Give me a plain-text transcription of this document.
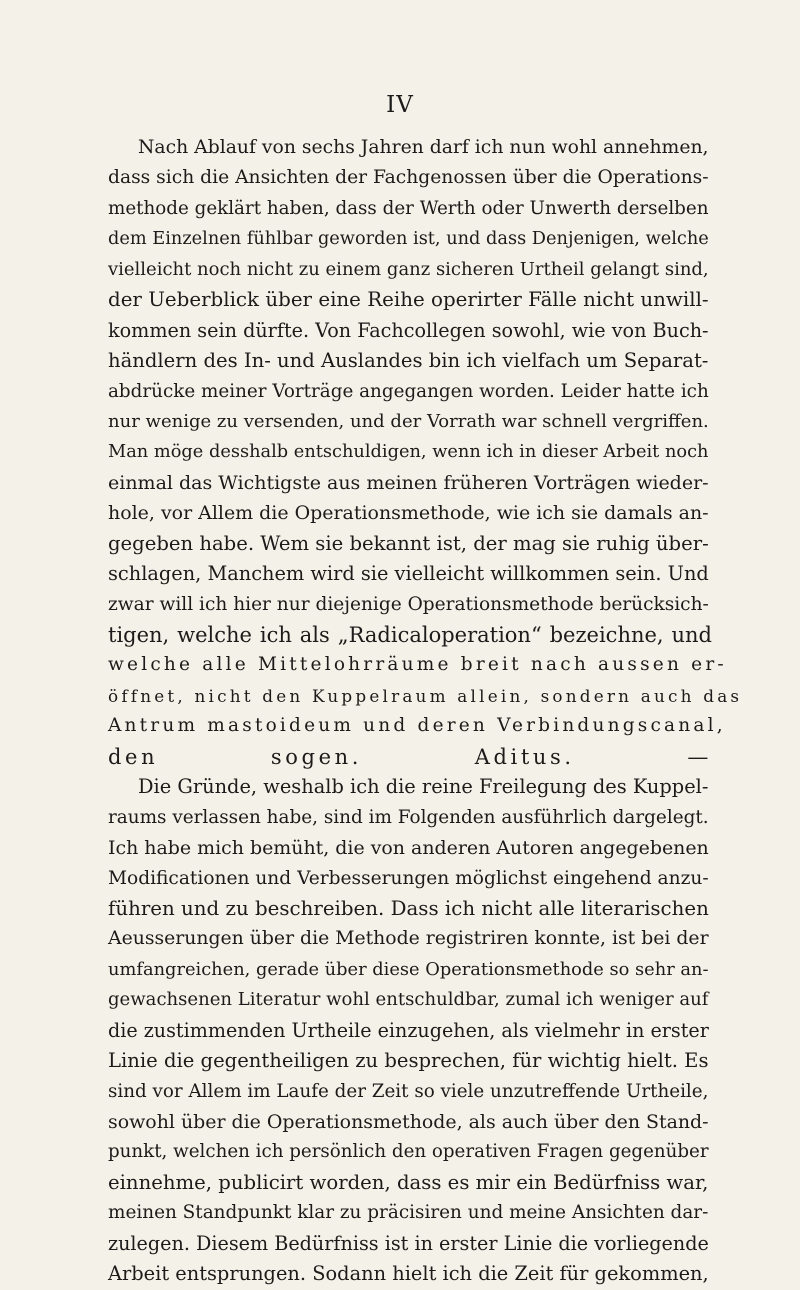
IV
Nach Ablauf von sechs Jahren darf ich nun wohl annehmen,
dass sich die Ansichten der Fachgenossen über die Operations-
methode geklärt haben, dass der Werth oder Unwerth derselben
dem Einzelnen fühlbar geworden ist, und dass Denjenigen, welche
vielleicht noch nicht zu einem ganz sicheren Urtheil gelangt sind,
der Ueberblick über eine Reihe operirter Fälle nicht unwill-
kommen sein dürfte. Von Fachcollegen sowohl, wie von Buch-
händlern des In- und Auslandes bin ich vielfach um Separat-
abdrücke meiner Vorträge angegangen worden. Leider hatte ich
nur wenige zu versenden, und der Vorrath war schnell vergriffen.
Man möge desshalb entschuldigen, wenn ich in dieser Arbeit noch
einmal das Wichtigste aus meinen früheren Vorträgen wieder-
hole, vor Allem die Operationsmethode, wie ich sie damals an-
gegeben habe. Wem sie bekannt ist, der mag sie ruhig über-
schlagen, Manchem wird sie vielleicht willkommen sein. Und
zwar will ich hier nur diejenige Operationsmethode berücksich-
tigen, welche ich als „Radicaloperation“ bezeichne, und
welche alle Mittelohrräume breit nach aussen er-
öffnet, nicht den Kuppelraum allein, sondern auch das
Antrum mastoideum und deren Verbindungscanal,
den sogen. Aditus. —
Die Gründe, weshalb ich die reine Freilegung des Kuppel-
raums verlassen habe, sind im Folgenden ausführlich dargelegt.
Ich habe mich bemüht, die von anderen Autoren angegebenen
Modificationen und Verbesserungen möglichst eingehend anzu-
führen und zu beschreiben. Dass ich nicht alle literarischen
Aeusserungen über die Methode registriren konnte, ist bei der
umfangreichen, gerade über diese Operationsmethode so sehr an-
gewachsenen Literatur wohl entschuldbar, zumal ich weniger auf
die zustimmenden Urtheile einzugehen, als vielmehr in erster
Linie die gegentheiligen zu besprechen, für wichtig hielt. Es
sind vor Allem im Laufe der Zeit so viele unzutreffende Urtheile,
sowohl über die Operationsmethode, als auch über den Stand-
punkt, welchen ich persönlich den operativen Fragen gegenüber
einnehme, publicirt worden, dass es mir ein Bedürfniss war,
meinen Standpunkt klar zu präcisiren und meine Ansichten dar-
zulegen. Diesem Bedürfniss ist in erster Linie die vorliegende
Arbeit entsprungen. Sodann hielt ich die Zeit für gekommen,
